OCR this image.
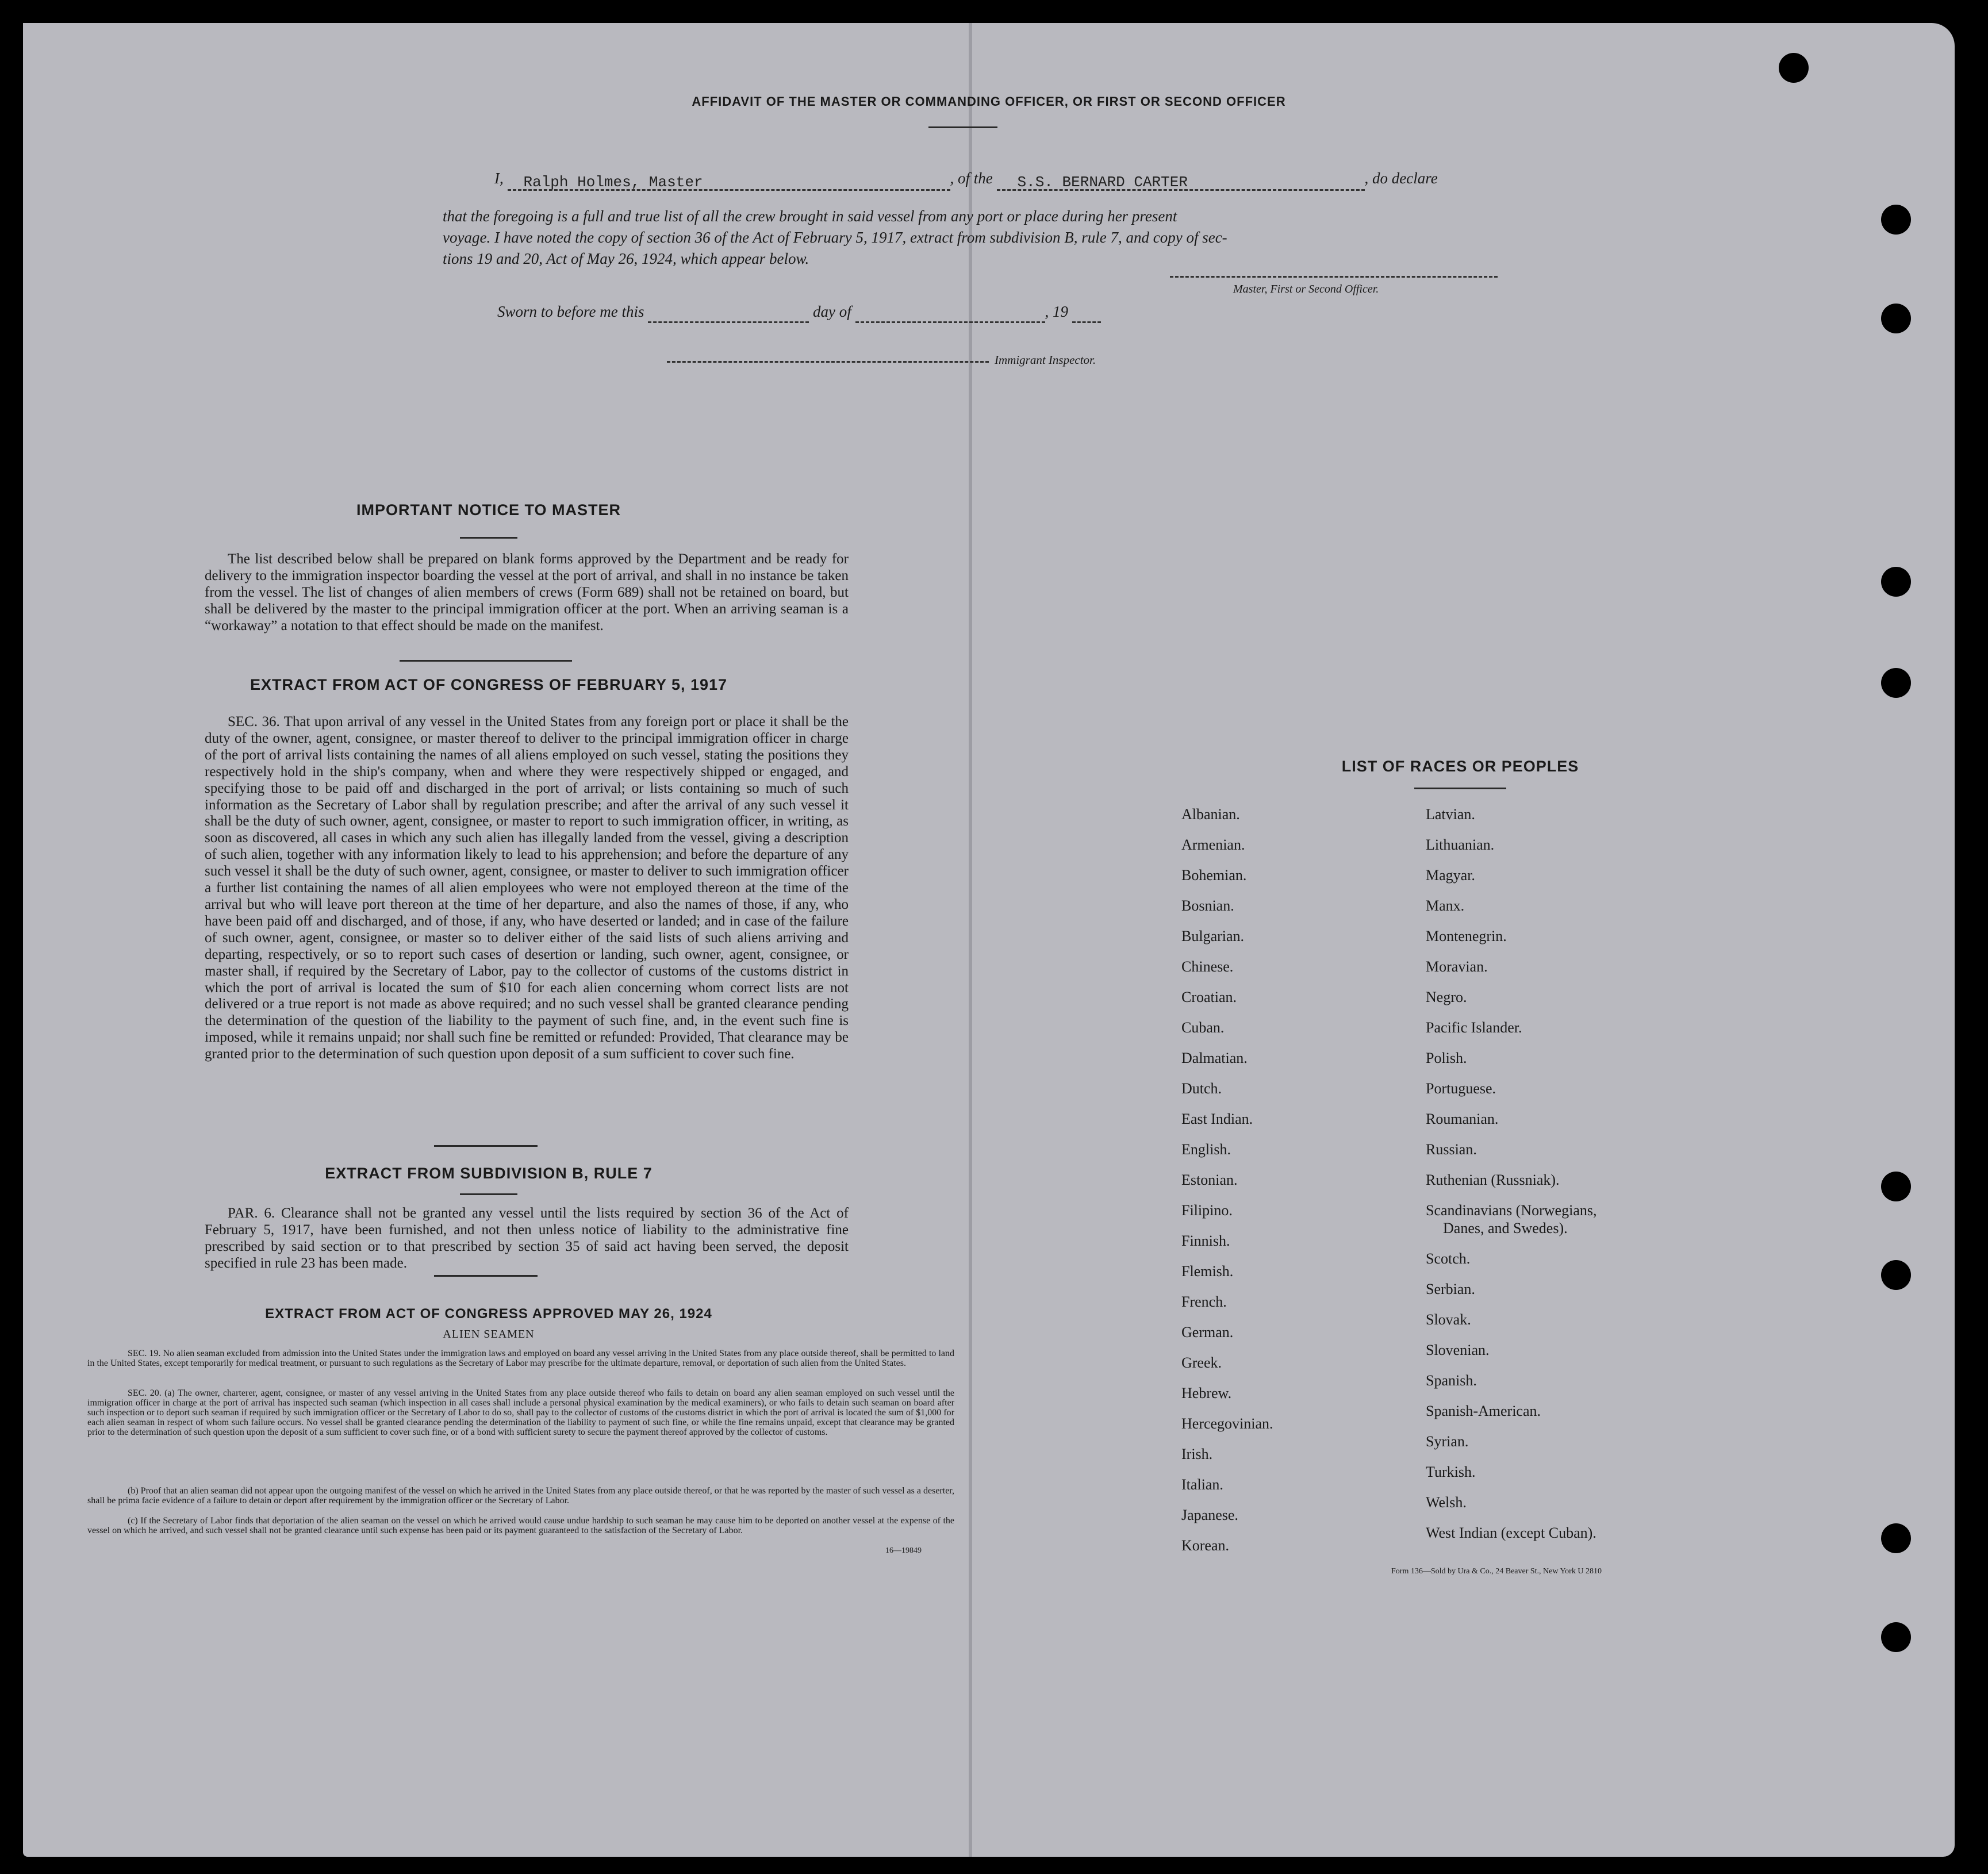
AFFIDAVIT OF THE MASTER OR COMMANDING OFFICER, OR FIRST OR SECOND OFFICER
I, Ralph Holmes, Master	, of the S.S. BERNARD CARTER	, do declare
that the foregoing is a full and true list of all the crew brought in said vessel from any port or place during her present
voyage. I have noted the copy of section 36 of the Act of February 5, 1917, extract from subdivision B, rule 7, and copy of sec-
tions 19 and 20, Act of May 26, 1924, which appear below.
Master, First or Second Officer.
Sworn to before me this	day of	, 19
Immigrant Inspector.
IMPORTANT NOTICE TO MASTER
The list described below shall be prepared on blank forms approved by the Department and be ready for delivery to the immigration inspector boarding the vessel at the port of arrival, and shall in no instance be taken from the vessel. The list of changes of alien members of crews (Form 689) shall not be retained on board, but shall be delivered by the master to the principal immigration officer at the port. When an arriving seaman is a “workaway” a notation to that effect should be made on the manifest.
EXTRACT FROM ACT OF CONGRESS OF FEBRUARY 5, 1917
SEC. 36. That upon arrival of any vessel in the United States from any foreign port or place it shall be the duty of the owner, agent, consignee, or master thereof to deliver to the principal immigration officer in charge of the port of arrival lists containing the names of all aliens employed on such vessel, stating the positions they respectively hold in the ship's company, when and where they were respectively shipped or engaged, and specifying those to be paid off and discharged in the port of arrival; or lists containing so much of such information as the Secretary of Labor shall by regulation prescribe; and after the arrival of any such vessel it shall be the duty of such owner, agent, consignee, or master to report to such immigration officer, in writing, as soon as discovered, all cases in which any such alien has illegally landed from the vessel, giving a description of such alien, together with any information likely to lead to his apprehension; and before the departure of any such vessel it shall be the duty of such owner, agent, consignee, or master to deliver to such immigration officer a further list containing the names of all alien employees who were not employed thereon at the time of the arrival but who will leave port thereon at the time of her departure, and also the names of those, if any, who have been paid off and discharged, and of those, if any, who have deserted or landed; and in case of the failure of such owner, agent, consignee, or master so to deliver either of the said lists of such aliens arriving and departing, respectively, or so to report such cases of desertion or landing, such owner, agent, consignee, or master shall, if required by the Secretary of Labor, pay to the collector of customs of the customs district in which the port of arrival is located the sum of $10 for each alien concerning whom correct lists are not delivered or a true report is not made as above required; and no such vessel shall be granted clearance pending the determination of the question of the liability to the payment of such fine, and, in the event such fine is imposed, while it remains unpaid; nor shall such fine be remitted or refunded: Provided, That clearance may be granted prior to the determination of such question upon deposit of a sum sufficient to cover such fine.
EXTRACT FROM SUBDIVISION B, RULE 7
PAR. 6. Clearance shall not be granted any vessel until the lists required by section 36 of the Act of February 5, 1917, have been furnished, and not then unless notice of liability to the administrative fine prescribed by said section or to that prescribed by section 35 of said act having been served, the deposit specified in rule 23 has been made.
EXTRACT FROM ACT OF CONGRESS APPROVED MAY 26, 1924
ALIEN SEAMEN
SEC. 19. No alien seaman excluded from admission into the United States under the immigration laws and employed on board any vessel arriving in the United States from any place outside thereof, shall be permitted to land in the United States, except temporarily for medical treatment, or pursuant to such regulations as the Secretary of Labor may prescribe for the ultimate departure, removal, or deportation of such alien from the United States.
SEC. 20. (a) The owner, charterer, agent, consignee, or master of any vessel arriving in the United States from any place outside thereof who fails to detain on board any alien seaman employed on such vessel until the immigration officer in charge at the port of arrival has inspected such seaman (which inspection in all cases shall include a personal physical examination by the medical examiners), or who fails to detain such seaman on board after such inspection or to deport such seaman if required by such immigration officer or the Secretary of Labor to do so, shall pay to the collector of customs of the customs district in which the port of arrival is located the sum of $1,000 for each alien seaman in respect of whom such failure occurs. No vessel shall be granted clearance pending the determination of the liability to payment of such fine, or while the fine remains unpaid, except that clearance may be granted prior to the determination of such question upon the deposit of a sum sufficient to cover such fine, or of a bond with sufficient surety to secure the payment thereof approved by the collector of customs.
(b) Proof that an alien seaman did not appear upon the outgoing manifest of the vessel on which he arrived in the United States from any place outside thereof, or that he was reported by the master of such vessel as a deserter, shall be prima facie evidence of a failure to detain or deport after requirement by the immigration officer or the Secretary of Labor.
(c) If the Secretary of Labor finds that deportation of the alien seaman on the vessel on which he arrived would cause undue hardship to such seaman he may cause him to be deported on another vessel at the expense of the vessel on which he arrived, and such vessel shall not be granted clearance until such expense has been paid or its payment guaranteed to the satisfaction of the Secretary of Labor.
16—19849
LIST OF RACES OR PEOPLES
Albanian.
Armenian.
Bohemian.
Bosnian.
Bulgarian.
Chinese.
Croatian.
Cuban.
Dalmatian.
Dutch.
East Indian.
English.
Estonian.
Filipino.
Finnish.
Flemish.
French.
German.
Greek.
Hebrew.
Hercegovinian.
Irish.
Italian.
Japanese.
Korean.
Latvian.
Lithuanian.
Magyar.
Manx.
Montenegrin.
Moravian.
Negro.
Pacific Islander.
Polish.
Portuguese.
Roumanian.
Russian.
Ruthenian (Russniak).
Scandinavians (Norwegians,
Danes, and Swedes).
Scotch.
Serbian.
Slovak.
Slovenian.
Spanish.
Spanish-American.
Syrian.
Turkish.
Welsh.
West Indian (except Cuban).
Form 136—Sold by Ura & Co., 24 Beaver St., New York U 2810
